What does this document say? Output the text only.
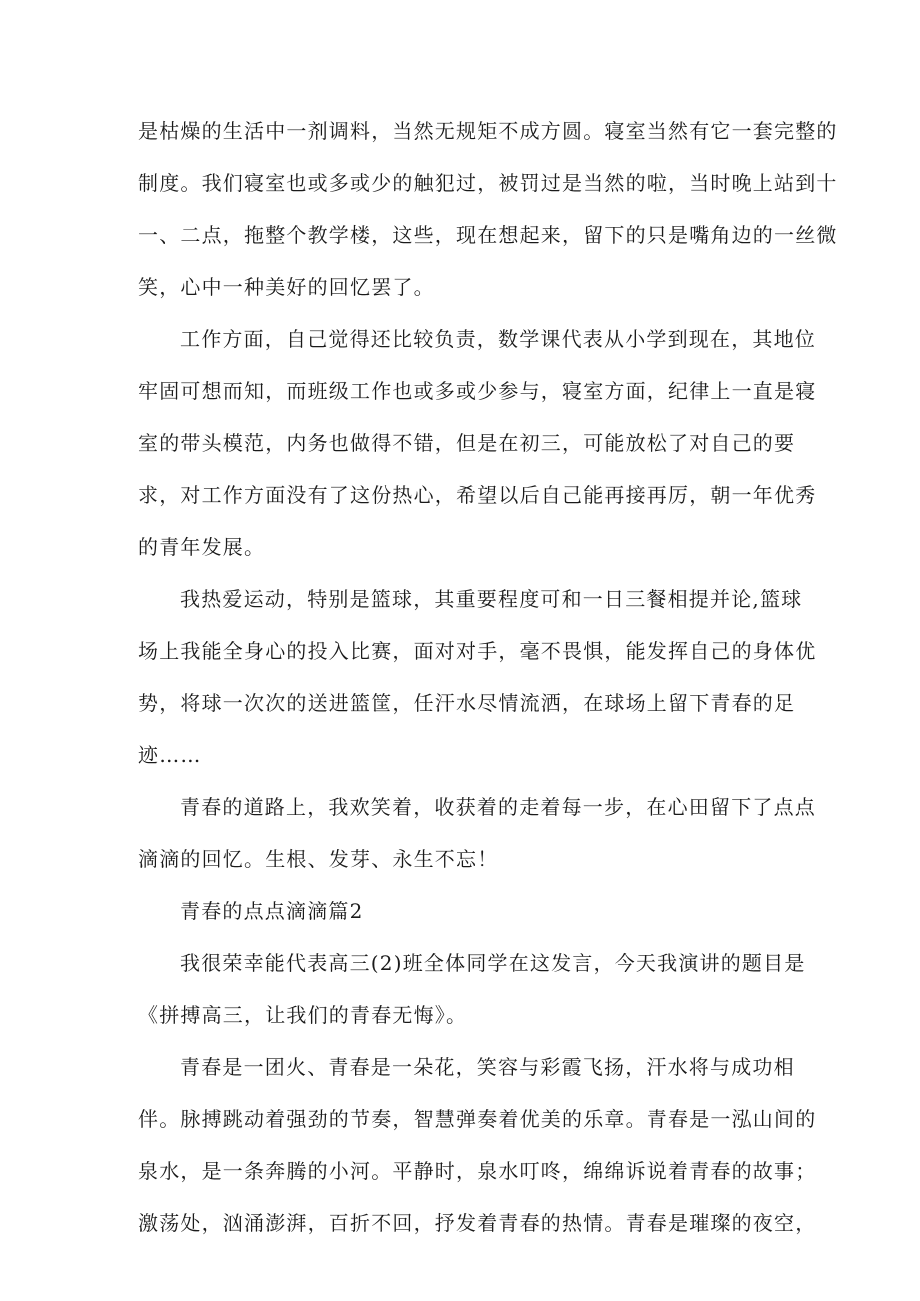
是枯燥的生活中一剂调料，当然无规矩不成方圆。寝室当然有它一套完整的
制度。我们寝室也或多或少的触犯过，被罚过是当然的啦，当时晚上站到十
一、二点，拖整个教学楼，这些，现在想起来，留下的只是嘴角边的一丝微
笑，心中一种美好的回忆罢了。
工作方面，自己觉得还比较负责，数学课代表从小学到现在，其地位
牢固可想而知，而班级工作也或多或少参与，寝室方面，纪律上一直是寝
室的带头模范，内务也做得不错，但是在初三，可能放松了对自己的要
求，对工作方面没有了这份热心，希望以后自己能再接再厉，朝一年优秀
的青年发展。
我热爱运动，特别是篮球，其重要程度可和一日三餐相提并论,篮球
场上我能全身心的投入比赛，面对对手，毫不畏惧，能发挥自己的身体优
势，将球一次次的送进篮筐，任汗水尽情流洒，在球场上留下青春的足
迹……
青春的道路上，我欢笑着，收获着的走着每一步，在心田留下了点点
滴滴的回忆。生根、发芽、永生不忘！
青春的点点滴滴篇2
我很荣幸能代表高三(2)班全体同学在这发言，今天我演讲的题目是
《拼搏高三，让我们的青春无悔》。
青春是一团火、青春是一朵花，笑容与彩霞飞扬，汗水将与成功相
伴。脉搏跳动着强劲的节奏，智慧弹奏着优美的乐章。青春是一泓山间的
泉水，是一条奔腾的小河。平静时，泉水叮咚，绵绵诉说着青春的故事；
激荡处，汹涌澎湃，百折不回，抒发着青春的热情。青春是璀璨的夜空，
